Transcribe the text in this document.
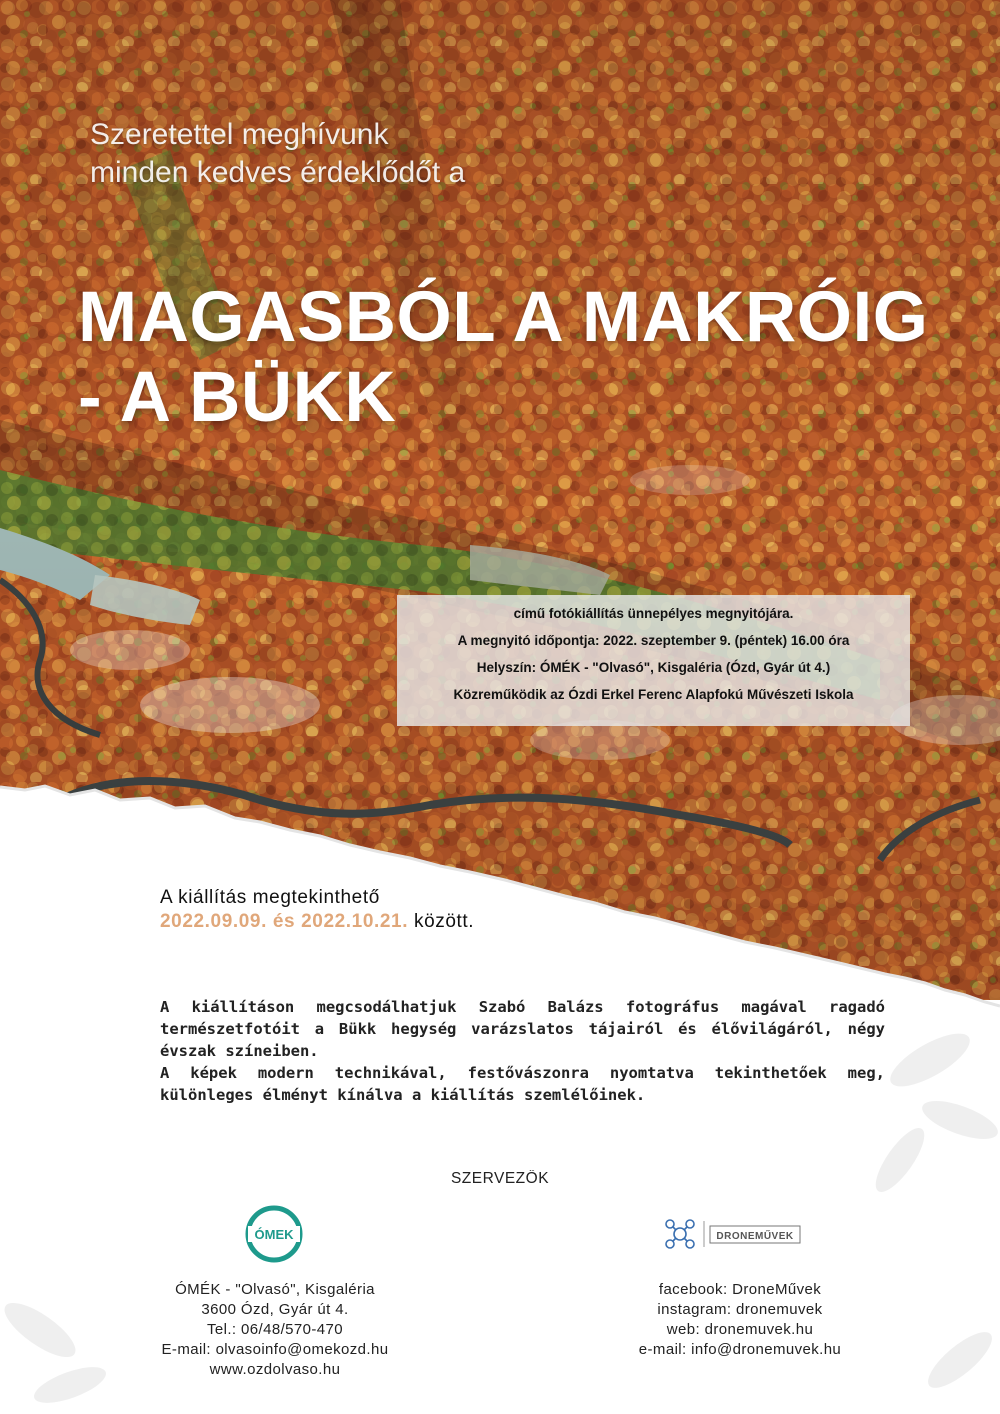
Szeretettel meghívunk
minden kedves érdeklődőt a
MAGASBÓL A MAKRÓIG
- A BÜKK
című fotókiállítás ünnepélyes megnyitójára.
A megnyitó időpontja: 2022. szeptember 9. (péntek) 16.00 óra
Helyszín: ÓMÉK - "Olvasó", Kisgaléria (Ózd, Gyár út 4.)
Közreműködik az Ózdi Erkel Ferenc Alapfokú Művészeti Iskola
A kiállítás megtekinthető
2022.09.09. és 2022.10.21. között.

A kiállításon megcsodálhatjuk Szabó Balázs fotográfus magával ragadó természetfotóit a Bükk hegység varázslatos tájairól és élővilágáról, négy évszak színeiben.

A képek modern technikával, festővászonra nyomtatva tekinthetőek meg, különleges élményt kínálva a kiállítás szemlélőinek.

SZERVEZŐK
ÓMEK	DRONEMŰVEK
ÓMÉK - "Olvasó", Kisgaléria
3600 Ózd, Gyár út 4.
Tel.: 06/48/570-470
E-mail: olvasoinfo@omekozd.hu
www.ozdolvaso.hu
facebook: DroneMűvek
instagram: dronemuvek
web: dronemuvek.hu
e-mail: info@dronemuvek.hu
